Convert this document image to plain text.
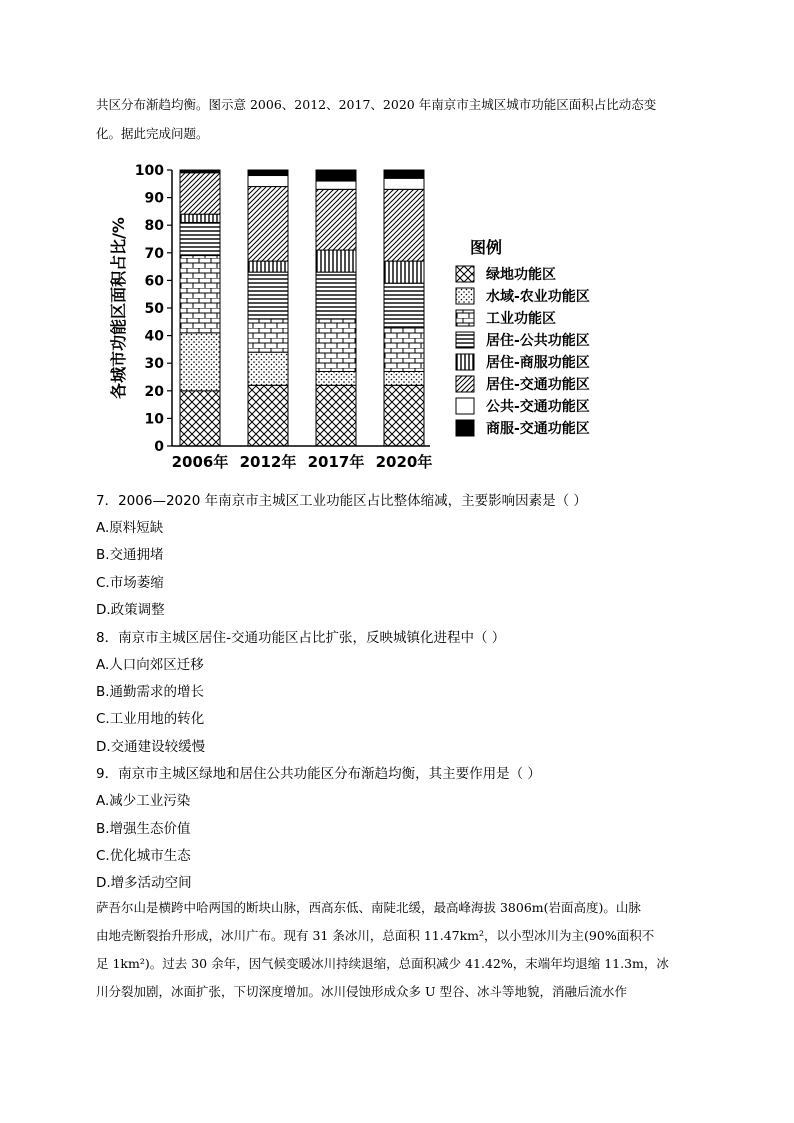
共区分布渐趋均衡。图示意 2006、2012、2017、2020 年南京市主城区城市功能区面积占比动态变

化。据此完成问题。

2006年 2012年 2017年 2020年
0
10
20
30
40
50
60
70
80
90
100
各城市功能区面积占比/%	图例
绿地功能区
水域-农业功能区
工业功能区
居住-公共功能区
居住-商服功能区
居住-交通功能区
公共-交通功能区
商服-交通功能区
7．2006—2020 年南京市主城区工业功能区占比整体缩减，主要影响因素是（ ）
A.原料短缺
B.交通拥堵
C.市场萎缩
D.政策调整
8．南京市主城区居住-交通功能区占比扩张，反映城镇化进程中（ ）
A.人口向郊区迁移
B.通勤需求的增长
C.工业用地的转化
D.交通建设较缓慢
9．南京市主城区绿地和居住公共功能区分布渐趋均衡，其主要作用是（ ）
A.减少工业污染
B.增强生态价值
C.优化城市生态
D.增多活动空间

萨吾尔山是横跨中哈两国的断块山脉，西高东低、南陡北缓，最高峰海拔 3806m(岩面高度)。山脉

由地壳断裂抬升形成，冰川广布。现有 31 条冰川，总面积 11.47km²，以小型冰川为主(90%面积不

足 1km²)。过去 30 余年，因气候变暖冰川持续退缩，总面积减少 41.42%，末端年均退缩 11.3m，冰

川分裂加剧，冰面扩张，下切深度增加。冰川侵蚀形成众多 U 型谷、冰斗等地貌，消融后流水作
